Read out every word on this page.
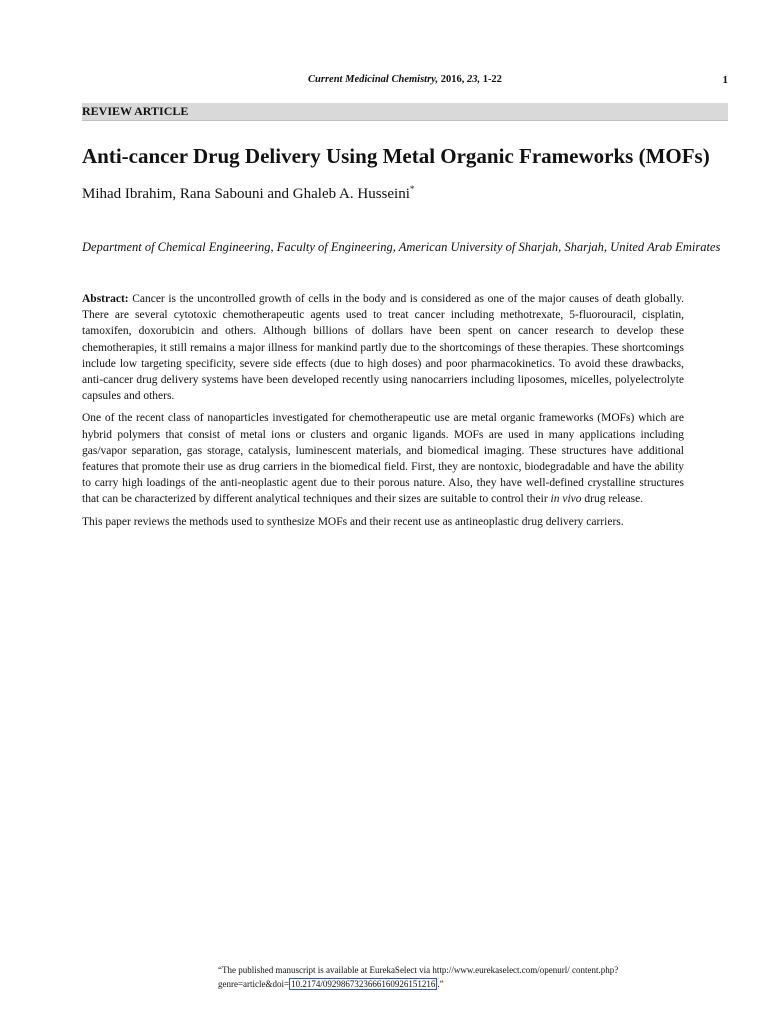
Current Medicinal Chemistry, 2016, 23, 1-22	1
REVIEW ARTICLE
Anti-cancer Drug Delivery Using Metal Organic Frameworks (MOFs)
Mihad Ibrahim, Rana Sabouni and Ghaleb A. Husseini*
Department of Chemical Engineering, Faculty of Engineering, American University of Sharjah, Sharjah, United Arab Emirates

Abstract: Cancer is the uncontrolled growth of cells in the body and is considered as one of the major causes of death globally. There are several cytotoxic chemotherapeutic agents used to treat cancer including methotrexate, 5-fluorouracil, cisplatin, tamoxifen, doxorubicin and others. Although billions of dollars have been spent on cancer research to develop these chemotherapies, it still remains a major illness for mankind partly due to the shortcomings of these therapies. These shortcomings include low targeting specificity, severe side effects (due to high doses) and poor pharmacokinetics. To avoid these drawbacks, anti-cancer drug delivery systems have been developed recently using nanocarriers including liposomes, micelles, polyelectrolyte capsules and others.

One of the recent class of nanoparticles investigated for chemotherapeutic use are metal organic frameworks (MOFs) which are hybrid polymers that consist of metal ions or clusters and organic ligands. MOFs are used in many applications including gas/vapor separation, gas storage, catalysis, luminescent materials, and biomedical imaging. These structures have additional features that promote their use as drug carriers in the biomedical field. First, they are nontoxic, biodegradable and have the ability to carry high loadings of the anti-neoplastic agent due to their porous nature. Also, they have well-defined crystalline structures that can be characterized by different analytical techniques and their sizes are suitable to control their in vivo drug release.

This paper reviews the methods used to synthesize MOFs and their recent use as antineoplastic drug delivery carriers.

“The published manuscript is available at EurekaSelect via http://www.eurekaselect.com/openurl/ content.php?genre=article&doi= 10.2174/0929867323666160926151216 .”
